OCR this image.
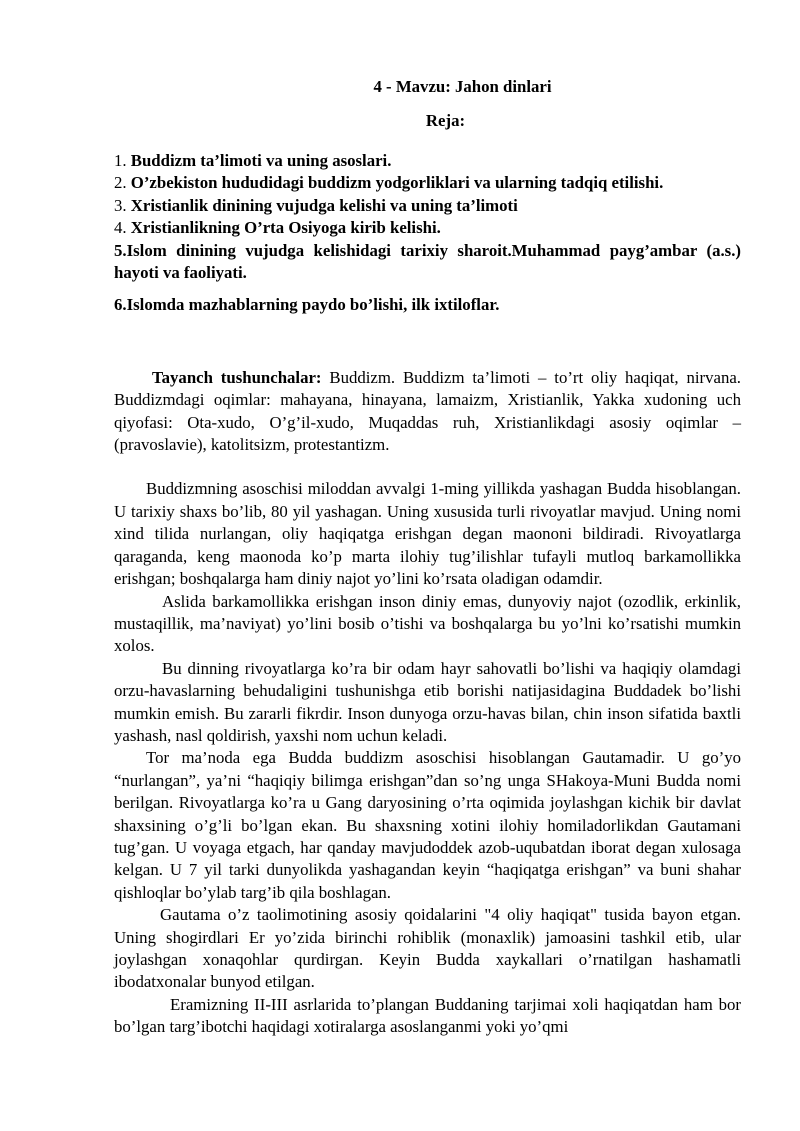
4 - Mavzu: Jahon dinlari

Reja:

1. Buddizm ta’limoti va uning asoslari.
2. O’zbekiston hududidagi buddizm yodgorliklari va ularning tadqiq etilishi.
3. Xristianlik dinining vujudga kelishi va uning ta’limoti
4. Xristianlikning O’rta Osiyoga kirib kelishi.
5.Islom dinining vujudga kelishidagi tarixiy sharoit.Muhammad payg’ambar (a.s.) hayoti va faoliyati.
6.Islomda mazhablarning paydo bo’lishi, ilk ixtiloflar.

Tayanch tushunchalar: Buddizm. Buddizm ta’limoti – to’rt oliy haqiqat, nirvana. Buddizmdagi oqimlar: mahayana, hinayana, lamaizm, Xristianlik, Yakka xudoning uch qiyofasi: Ota-xudo, O’g’il-xudo, Muqaddas ruh, Xristianlikdagi asosiy oqimlar – (pravoslavie), katolitsizm, protestantizm.

Buddizmning asoschisi miloddan avvalgi 1-ming yillikda yashagan Budda hisoblangan. U tarixiy shaxs bo’lib, 80 yil yashagan. Uning xususida turli rivoyatlar mavjud. Uning nomi xind tilida nurlangan, oliy haqiqatga erishgan degan maononi bildiradi. Rivoyatlarga qaraganda, keng maonoda ko’p marta ilohiy tug’ilishlar tufayli mutloq barkamollikka erishgan; boshqalarga ham diniy najot yo’lini ko’rsata oladigan odamdir.

Aslida barkamollikka erishgan inson diniy emas, dunyoviy najot (ozodlik, erkinlik, mustaqillik, ma’naviyat) yo’lini bosib o’tishi va boshqalarga bu yo’lni ko’rsatishi mumkin xolos.

Bu dinning rivoyatlarga ko’ra bir odam hayr sahovatli bo’lishi va haqiqiy olamdagi orzu-havaslarning behudaligini tushunishga etib borishi natijasidagina Buddadek bo’lishi mumkin emish. Bu zararli fikrdir. Inson dunyoga orzu-havas bilan, chin inson sifatida baxtli yashash, nasl qoldirish, yaxshi nom uchun keladi.

Tor ma’noda ega Budda buddizm asoschisi hisoblangan Gautamadir. U go’yo “nurlangan”, ya’ni “haqiqiy bilimga erishgan”dan so’ng unga SHakoya-Muni Budda nomi berilgan. Rivoyatlarga ko’ra u Gang daryosining o’rta oqimida joylashgan kichik bir davlat shaxsining o’g’li bo’lgan ekan. Bu shaxsning xotini ilohiy homiladorlikdan Gautamani tug’gan. U voyaga etgach, har qanday mavjudoddek azob-uqubatdan iborat degan xulosaga kelgan. U 7 yil tarki dunyolikda yashagandan keyin “haqiqatga erishgan” va buni shahar qishloqlar bo’ylab targ’ib qila boshlagan.

Gautama o’z taolimotining asosiy qoidalarini "4 oliy haqiqat" tusida bayon etgan. Uning shogirdlari Er yo’zida birinchi rohiblik (monaxlik) jamoasini tashkil etib, ular joylashgan xonaqohlar qurdirgan. Keyin Budda xaykallari o’rnatilgan hashamatli ibodatxonalar bunyod etilgan.

Eramizning II-III asrlarida to’plangan Buddaning tarjimai xoli haqiqatdan ham bor bo’lgan targ’ibotchi haqidagi xotiralarga asoslanganmi yoki yo’qmi
